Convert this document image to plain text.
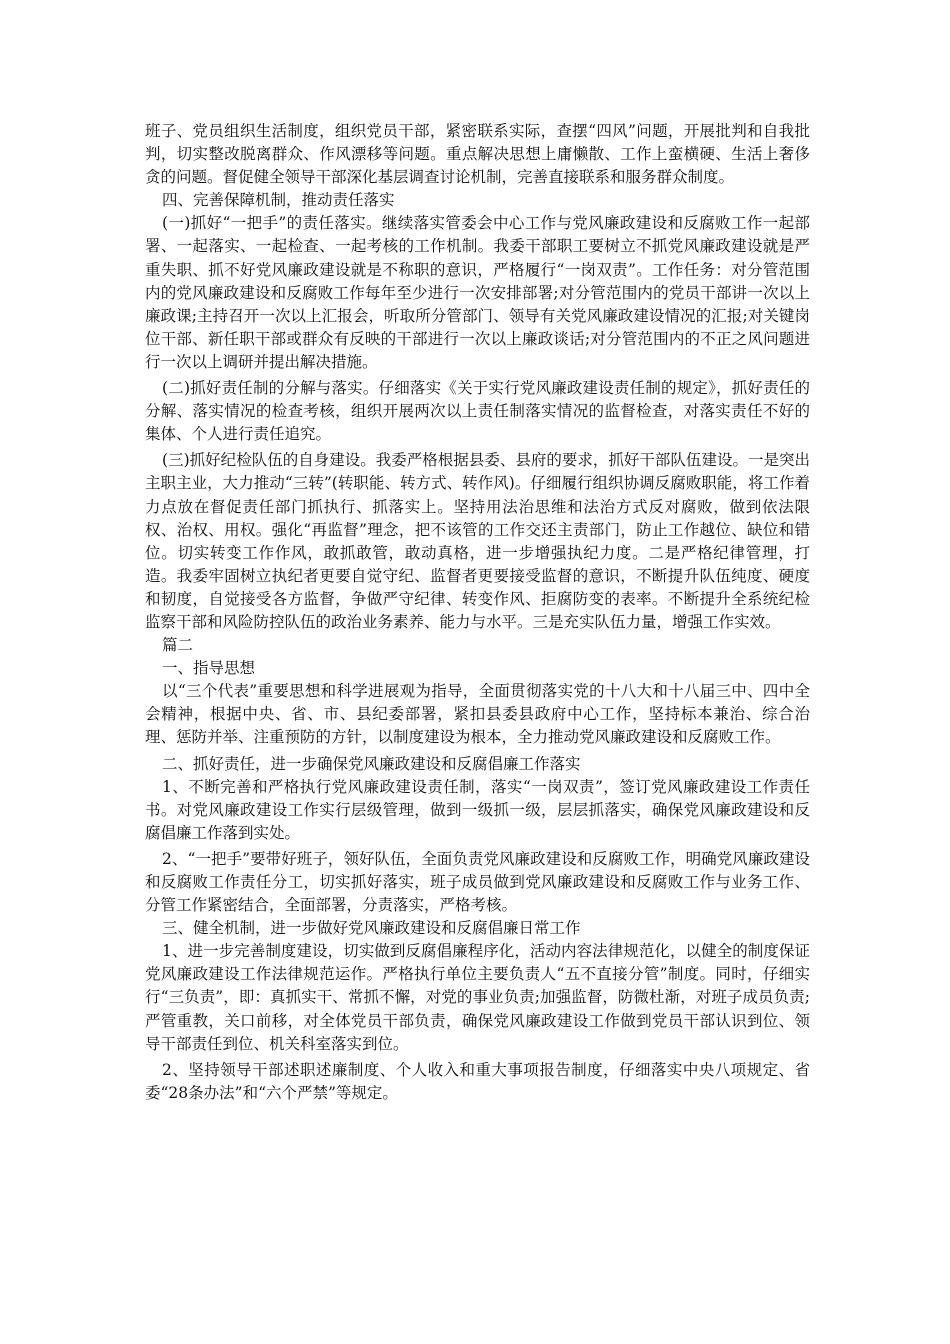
班子、党员组织生活制度，组织党员干部，紧密联系实际，查摆“四风”问题，开展批判和自我批判，切实整改脱离群众、作风漂移等问题。重点解决思想上庸懒散、工作上蛮横硬、生活上奢侈贪的问题。督促健全领导干部深化基层调查讨论机制，完善直接联系和服务群众制度。

四、完善保障机制，推动责任落实

(一)抓好“一把手”的责任落实。继续落实管委会中心工作与党风廉政建设和反腐败工作一起部署、一起落实、一起检查、一起考核的工作机制。我委干部职工要树立不抓党风廉政建设就是严重失职、抓不好党风廉政建设就是不称职的意识，严格履行“一岗双责”。工作任务：对分管范围内的党风廉政建设和反腐败工作每年至少进行一次安排部署;对分管范围内的党员干部讲一次以上廉政课;主持召开一次以上汇报会，听取所分管部门、领导有关党风廉政建设情况的汇报;对关键岗位干部、新任职干部或群众有反映的干部进行一次以上廉政谈话;对分管范围内的不正之风问题进行一次以上调研并提出解决措施。

(二)抓好责任制的分解与落实。仔细落实《关于实行党风廉政建设责任制的规定》，抓好责任的分解、落实情况的检查考核，组织开展两次以上责任制落实情况的监督检查，对落实责任不好的集体、个人进行责任追究。

(三)抓好纪检队伍的自身建设。我委严格根据县委、县府的要求，抓好干部队伍建设。一是突出主职主业，大力推动“三转”(转职能、转方式、转作风)。仔细履行组织协调反腐败职能，将工作着力点放在督促责任部门抓执行、抓落实上。坚持用法治思维和法治方式反对腐败，做到依法限权、治权、用权。强化“再监督”理念，把不该管的工作交还主责部门，防止工作越位、缺位和错位。切实转变工作作风，敢抓敢管，敢动真格，进一步增强执纪力度。二是严格纪律管理，打造。我委牢固树立执纪者更要自觉守纪、监督者更要接受监督的意识，不断提升队伍纯度、硬度和韧度，自觉接受各方监督，争做严守纪律、转变作风、拒腐防变的表率。不断提升全系统纪检监察干部和风险防控队伍的政治业务素养、能力与水平。三是充实队伍力量，增强工作实效。

篇二

一、指导思想

以“三个代表”重要思想和科学进展观为指导，全面贯彻落实党的十八大和十八届三中、四中全会精神，根据中央、省、市、县纪委部署，紧扣县委县政府中心工作，坚持标本兼治、综合治理、惩防并举、注重预防的方针，以制度建设为根本，全力推动党风廉政建设和反腐败工作。

二、抓好责任，进一步确保党风廉政建设和反腐倡廉工作落实

1、不断完善和严格执行党风廉政建设责任制，落实“一岗双责”，签订党风廉政建设工作责任书。对党风廉政建设工作实行层级管理，做到一级抓一级，层层抓落实，确保党风廉政建设和反腐倡廉工作落到实处。

2、“一把手”要带好班子，领好队伍，全面负责党风廉政建设和反腐败工作，明确党风廉政建设和反腐败工作责任分工，切实抓好落实，班子成员做到党风廉政建设和反腐败工作与业务工作、分管工作紧密结合，全面部署，分责落实，严格考核。

三、健全机制，进一步做好党风廉政建设和反腐倡廉日常工作

1、进一步完善制度建设，切实做到反腐倡廉程序化，活动内容法律规范化，以健全的制度保证党风廉政建设工作法律规范运作。严格执行单位主要负责人“五不直接分管”制度。同时，仔细实行“三负责”，即：真抓实干、常抓不懈，对党的事业负责;加强监督，防微杜渐，对班子成员负责;严管重教，关口前移，对全体党员干部负责，确保党风廉政建设工作做到党员干部认识到位、领导干部责任到位、机关科室落实到位。

2、坚持领导干部述职述廉制度、个人收入和重大事项报告制度，仔细落实中央八项规定、省委“28条办法”和“六个严禁”等规定。
